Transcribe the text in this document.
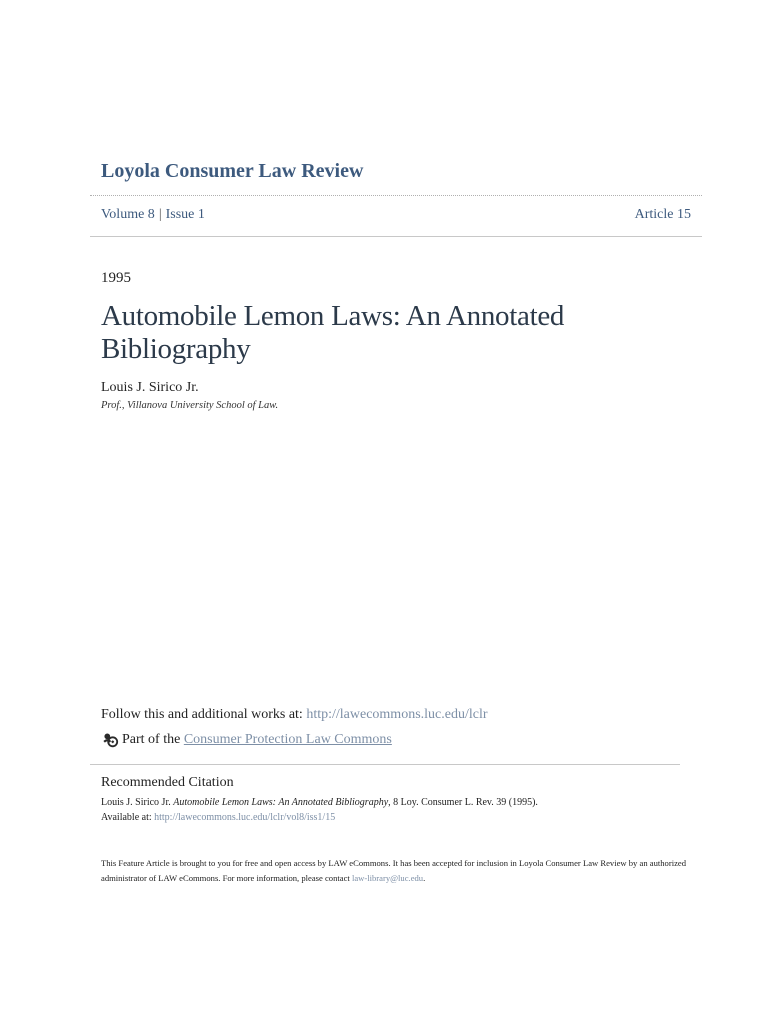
Loyola Consumer Law Review
Volume 8 | Issue 1	Article 15
1995
Automobile Lemon Laws: An Annotated Bibliography
Louis J. Sirico Jr.
Prof., Villanova University School of Law.
Follow this and additional works at: http://lawecommons.luc.edu/lclr
Part of the
Consumer Protection Law Commons
Recommended Citation
Louis J. Sirico Jr. Automobile Lemon Laws: An Annotated Bibliography, 8 Loy. Consumer L. Rev. 39 (1995).
Available at: http://lawecommons.luc.edu/lclr/vol8/iss1/15
This Feature Article is brought to you for free and open access by LAW eCommons. It has been accepted for inclusion in Loyola Consumer Law Review by an authorized administrator of LAW eCommons. For more information, please contact law-library@luc.edu.
